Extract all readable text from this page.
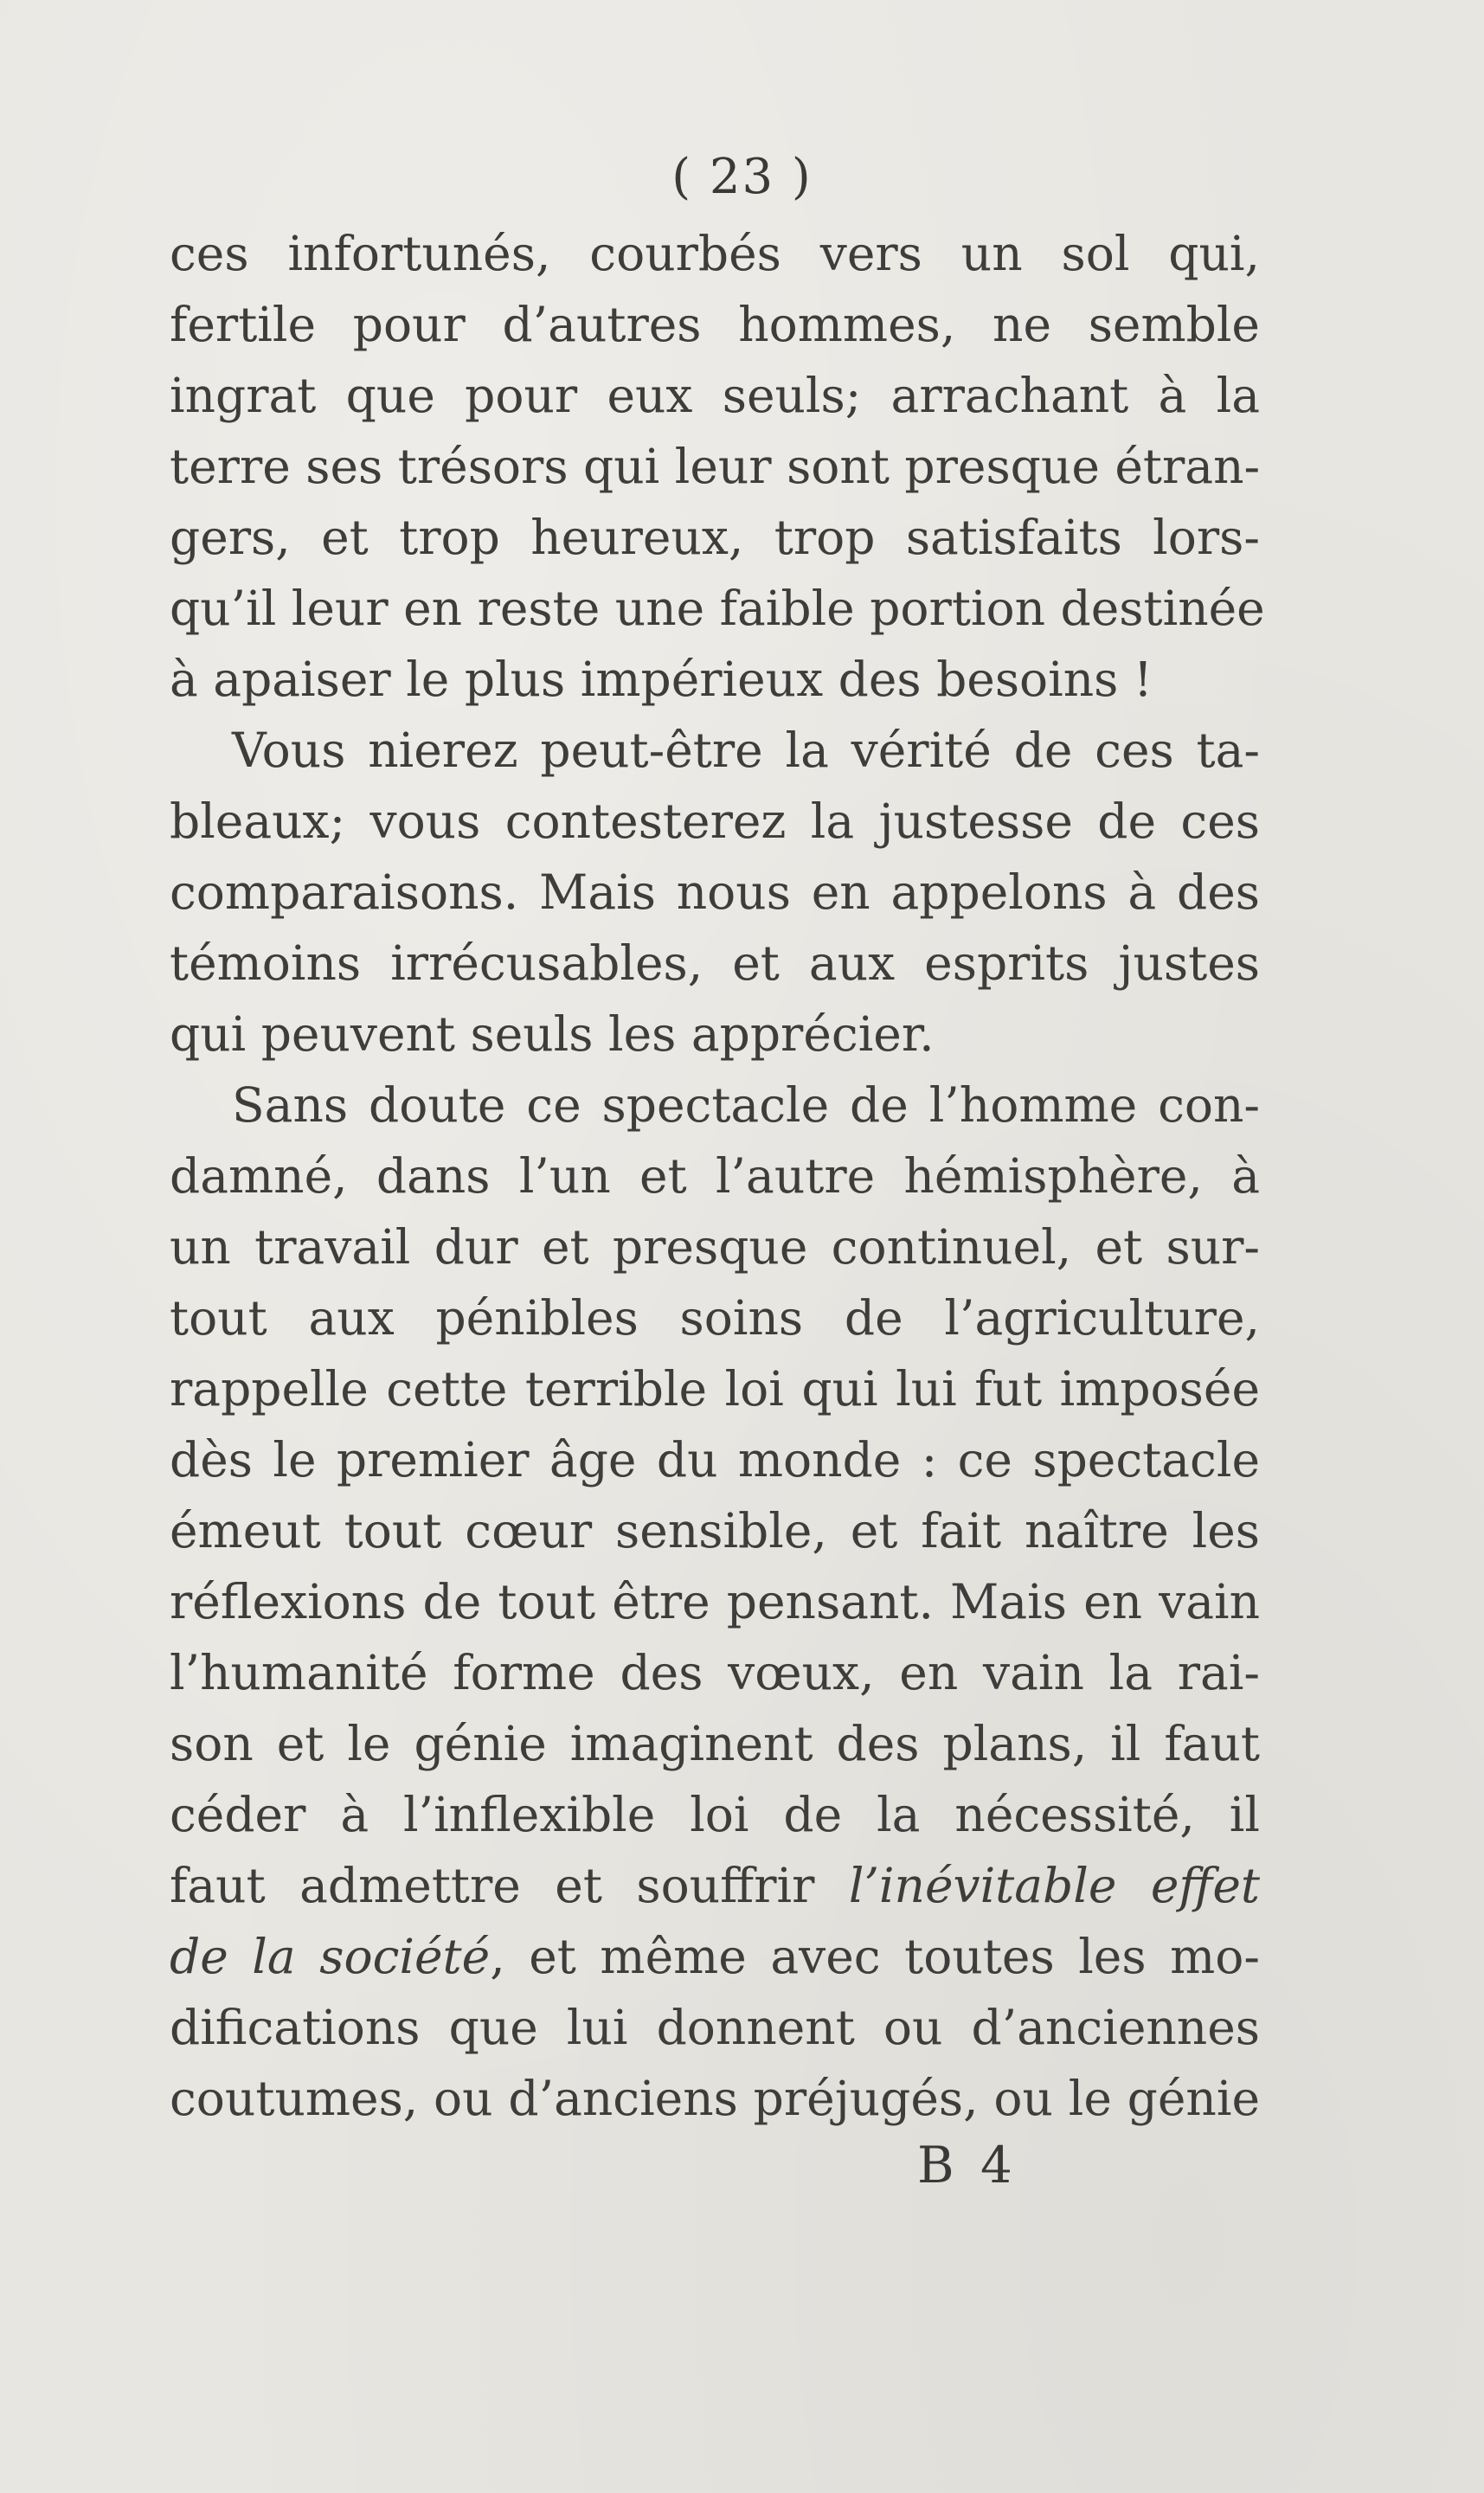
( 23 )
ces infortunés, courbés vers un sol qui,
fertile pour d’autres hommes, ne semble
ingrat que pour eux seuls; arrachant à la
terre ses trésors qui leur sont presque étran-
gers, et trop heureux, trop satisfaits lors-
qu’il leur en reste une faible portion destinée
à apaiser le plus impérieux des besoins !
Vous nierez peut-être la vérité de ces ta-
bleaux; vous contesterez la justesse de ces
comparaisons. Mais nous en appelons à des
témoins irrécusables, et aux esprits justes
qui peuvent seuls les apprécier.
Sans doute ce spectacle de l’homme con-
damné, dans l’un et l’autre hémisphère, à
un travail dur et presque continuel, et sur-
tout aux pénibles soins de l’agriculture,
rappelle cette terrible loi qui lui fut imposée
dès le premier âge du monde : ce spectacle
émeut tout cœur sensible, et fait naître les
réflexions de tout être pensant. Mais en vain
l’humanité forme des vœux, en vain la rai-
son et le génie imaginent des plans, il faut
céder à l’inflexible loi de la nécessité, il
faut admettre et souffrir l’inévitable effet
de la société, et même avec toutes les mo-
difications que lui donnent ou d’anciennes
coutumes, ou d’anciens préjugés, ou le génie
B 4
